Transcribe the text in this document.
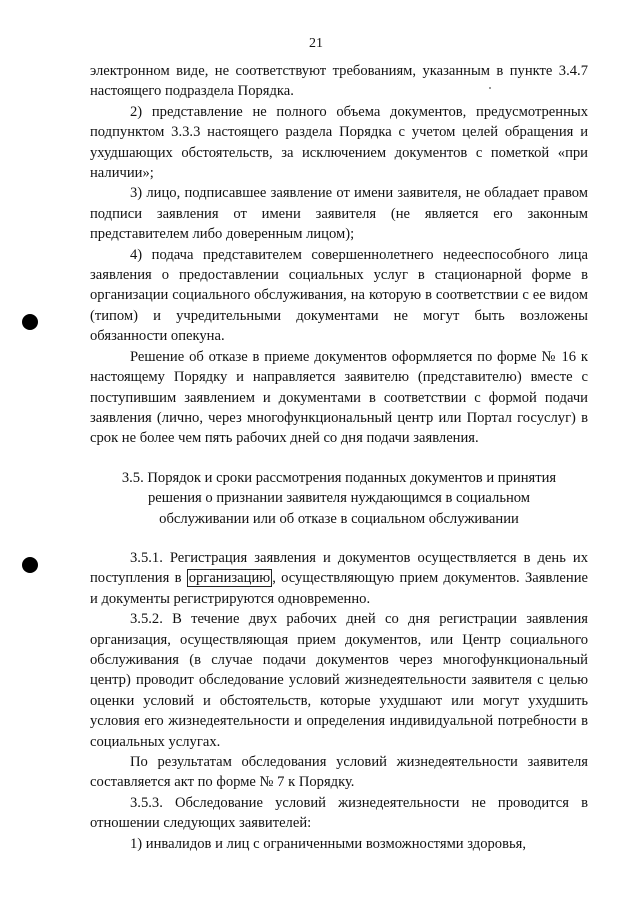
21

электронном виде, не соответствуют требованиям, указанным в пункте 3.4.7 настоящего подраздела Порядка.

2) представление не полного объема документов, предусмотренных подпунктом 3.3.3 настоящего раздела Порядка с учетом целей обращения и ухудшающих обстоятельств, за исключением документов с пометкой «при наличии»;

3) лицо, подписавшее заявление от имени заявителя, не обладает правом подписи заявления от имени заявителя (не является его законным представителем либо доверенным лицом);

4) подача представителем совершеннолетнего недееспособного лица заявления о предоставлении социальных услуг в стационарной форме в организации социального обслуживания, на которую в соответствии с ее видом (типом) и учредительными документами не могут быть возложены обязанности опекуна.

Решение об отказе в приеме документов оформляется по форме № 16 к настоящему Порядку и направляется заявителю (представителю) вместе с поступившим заявлением и документами в соответствии с формой подачи заявления (лично, через многофункциональный центр или Портал госуслуг) в срок не более чем пять рабочих дней со дня подачи заявления.

3.5. Порядок и сроки рассмотрения поданных документов и принятия решения о признании заявителя нуждающимся в социальном обслуживании или об отказе в социальном обслуживании

3.5.1. Регистрация заявления и документов осуществляется в день их поступления в организацию , осуществляющую прием документов. Заявление и документы регистрируются одновременно.

3.5.2. В течение двух рабочих дней со дня регистрации заявления организация, осуществляющая прием документов, или Центр социального обслуживания (в случае подачи документов через многофункциональный центр) проводит обследование условий жизнедеятельности заявителя с целью оценки условий и обстоятельств, которые ухудшают или могут ухудшить условия его жизнедеятельности и определения индивидуальной потребности в социальных услугах.

По результатам обследования условий жизнедеятельности заявителя составляется акт по форме № 7 к Порядку.

3.5.3. Обследование условий жизнедеятельности не проводится в отношении следующих заявителей:

1) инвалидов и лиц с ограниченными возможностями здоровья,
